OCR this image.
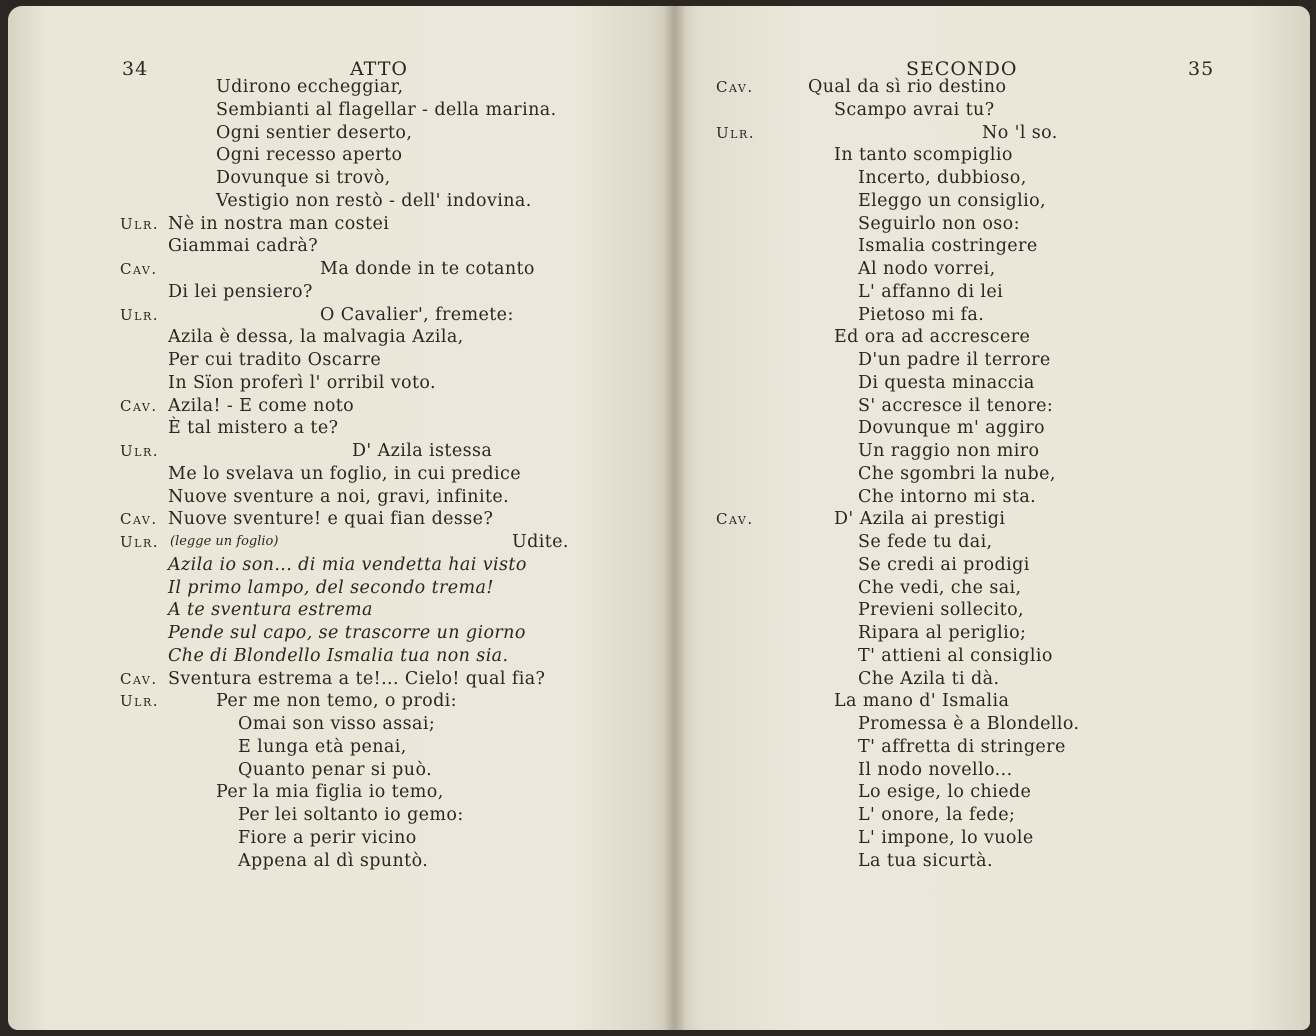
34	ATTO
Udirono eccheggiar,
Sembianti al flagellar - della marina.
Ogni sentier deserto,
Ogni recesso aperto
Dovunque si trovò,
Vestigio non restò - dell' indovina.
Ulr. Nè in nostra man costei
Giammai cadrà?
Cav.	Ma donde in te cotanto
Di lei pensiero?
Ulr.	O Cavalier', fremete:
Azila è dessa, la malvagia Azila,
Per cui tradito Oscarre
In Sïon proferì l' orribil voto.
Cav. Azila! - E come noto
È tal mistero a te?
Ulr.	D' Azila istessa
Me lo svelava un foglio, in cui predice
Nuove sventure a noi, gravi, infinite.
Cav. Nuove sventure! e quai fian desse?
Ulr. (legge un foglio)	Udite.
Azila io son... di mia vendetta hai visto
Il primo lampo, del secondo trema!
A te sventura estrema
Pende sul capo, se trascorre un giorno
Che di Blondello Ismalia tua non sia.
Cav. Sventura estrema a te!... Cielo! qual fia?
Ulr.	Per me non temo, o prodi:
Omai son visso assai;
E lunga età penai,
Quanto penar si può.
Per la mia figlia io temo,
Per lei soltanto io gemo:
Fiore a perir vicino
Appena al dì spuntò.
SECONDO	35
Cav.	Qual da sì rio destino
Scampo avrai tu?
Ulr.	No 'l so.
In tanto scompiglio
Incerto, dubbioso,
Eleggo un consiglio,
Seguirlo non oso:
Ismalia costringere
Al nodo vorrei,
L' affanno di lei
Pietoso mi fa.
Ed ora ad accrescere
D'un padre il terrore
Di questa minaccia
S' accresce il tenore:
Dovunque m' aggiro
Un raggio non miro
Che sgombri la nube,
Che intorno mi sta.
Cav.	D' Azila ai prestigi
Se fede tu dai,
Se credi ai prodigi
Che vedi, che sai,
Previeni sollecito,
Ripara al periglio;
T' attieni al consiglio
Che Azila ti dà.
La mano d' Ismalia
Promessa è a Blondello.
T' affretta di stringere
Il nodo novello...
Lo esige, lo chiede
L' onore, la fede;
L' impone, lo vuole
La tua sicurtà.
